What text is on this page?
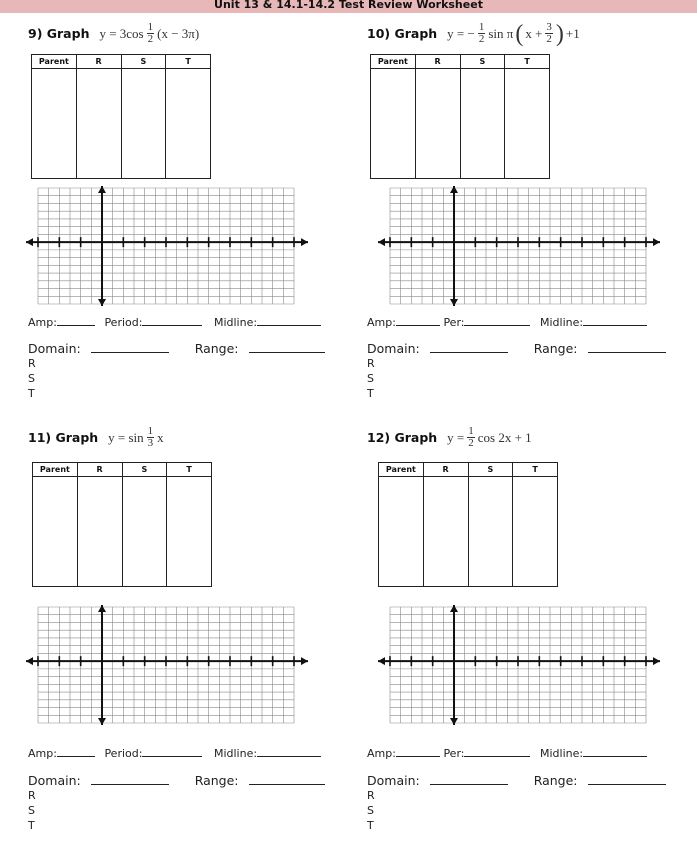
Unit 13 & 14.1-14.2 Test Review Worksheet
9) Graph $y = 3\cos \frac{1}{2} (x - 3\pi)$
Parent	R	S	T

Amp:	Period:	Midline:
Domain:	Range:
R
S
T
10) Graph y = − $\frac{1}{2}$ sin π ( $x + \frac{3}{2}$ ) +1
Parent	R	S	T

Amp:	Per:	Midline:
Domain:	Range:
R
S
T
11) Graph $y = \sin \frac{1}{3}$ x
Parent	R	S	T

Amp:	Period:	Midline:
Domain:	Range:
R
S
T
12) Graph $y = \frac{1}{2}$ cos 2x + 1
Parent	R	S	T

Amp:	Per:	Midline:
Domain:	Range:
R
S
T
